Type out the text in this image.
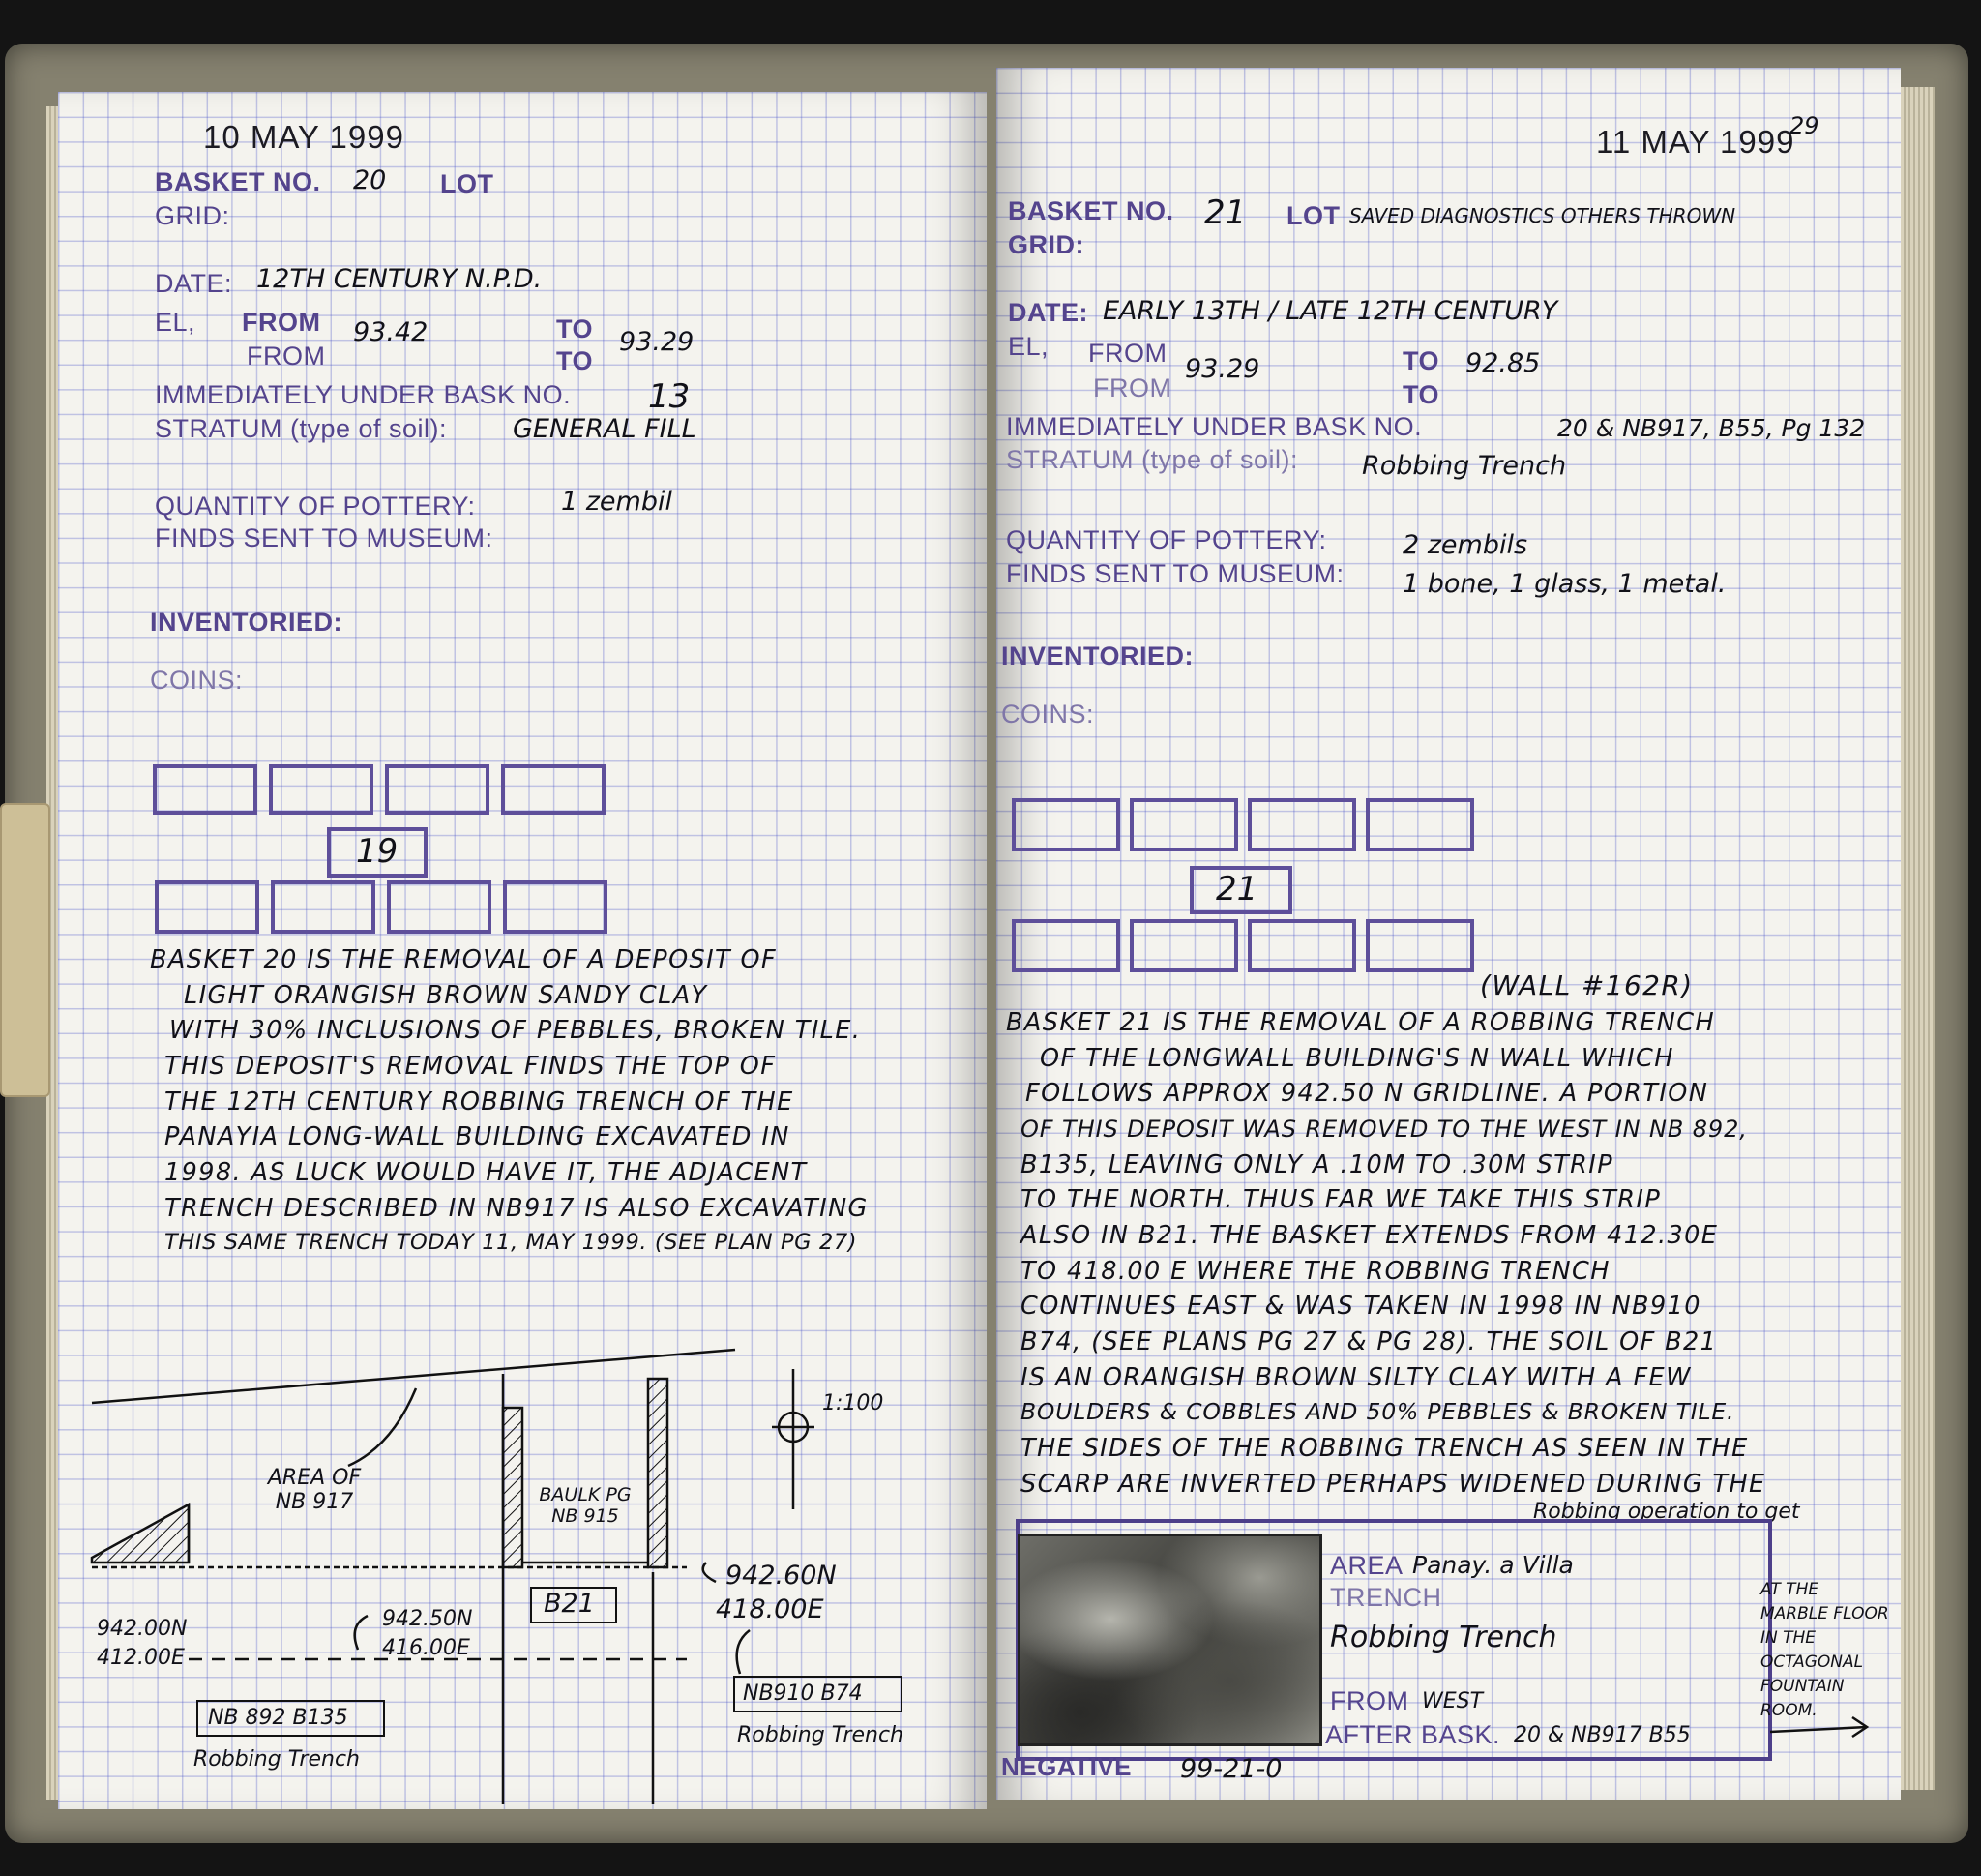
10 MAY 1999
BASKET NO. 20 LOT
GRID:
DATE: 12TH CENTURY N.P.D.
EL, FROM 93.42
FROM
TO 93.29
TO
IMMEDIATELY UNDER BASK NO. 13
STRATUM (type of soil):	GENERAL FILL
QUANTITY OF POTTERY:	1 zembil
FINDS SENT TO MUSEUM:
INVENTORIED:
COINS:
19
BASKET 20 IS THE REMOVAL OF A DEPOSIT OF
LIGHT ORANGISH BROWN SANDY CLAY
WITH 30% INCLUSIONS OF PEBBLES, BROKEN TILE.
THIS DEPOSIT'S REMOVAL FINDS THE TOP OF
THE 12TH CENTURY ROBBING TRENCH OF THE
PANAYIA LONG-WALL BUILDING EXCAVATED IN
1998. AS LUCK WOULD HAVE IT, THE ADJACENT
TRENCH DESCRIBED IN NB917 IS ALSO EXCAVATING
THIS SAME TRENCH TODAY 11, MAY 1999. (SEE PLAN PG 27)
1:100
AREA OF NB 917	BAULK PG NB 915
B21
942.00N
412.00E
942.50N
416.00E
942.60N
418.00E
NB 892 B135
Robbing Trench
NB910 B74
Robbing Trench
11 MAY 1999
29
BASKET NO. 21 LOT SAVED DIAGNOSTICS OTHERS THROWN
GRID:
DATE: EARLY 13TH / LATE 12TH CENTURY
EL, FROM
93.29
FROM
TO 92.85
TO
IMMEDIATELY UNDER BASK NO.	20 & NB917, B55, Pg 132
STRATUM (type of soil): Robbing Trench
QUANTITY OF POTTERY:	2 zembils
FINDS SENT TO MUSEUM: 1 bone, 1 glass, 1 metal.
INVENTORIED:
COINS:
21
(WALL #162R)
BASKET 21 IS THE REMOVAL OF A ROBBING TRENCH
OF THE LONGWALL BUILDING'S N WALL WHICH
FOLLOWS APPROX 942.50 N GRIDLINE. A PORTION
OF THIS DEPOSIT WAS REMOVED TO THE WEST IN NB 892,
B135, LEAVING ONLY A .10M TO .30M STRIP
TO THE NORTH. THUS FAR WE TAKE THIS STRIP
ALSO IN B21. THE BASKET EXTENDS FROM 412.30E
TO 418.00 E WHERE THE ROBBING TRENCH
CONTINUES EAST & WAS TAKEN IN 1998 IN NB910
B74, (SEE PLANS PG 27 & PG 28). THE SOIL OF B21
IS AN ORANGISH BROWN SILTY CLAY WITH A FEW
BOULDERS & COBBLES AND 50% PEBBLES & BROKEN TILE.
THE SIDES OF THE ROBBING TRENCH AS SEEN IN THE
SCARP ARE INVERTED PERHAPS WIDENED DURING THE
Robbing operation to get
AREA Panay. a Villa
TRENCH
Robbing Trench
FROM WEST
AFTER BASK. 20 & NB917 B55
NEGATIVE 99-21-0
AT THE
MARBLE FLOOR
IN THE
OCTAGONAL
FOUNTAIN
ROOM.
